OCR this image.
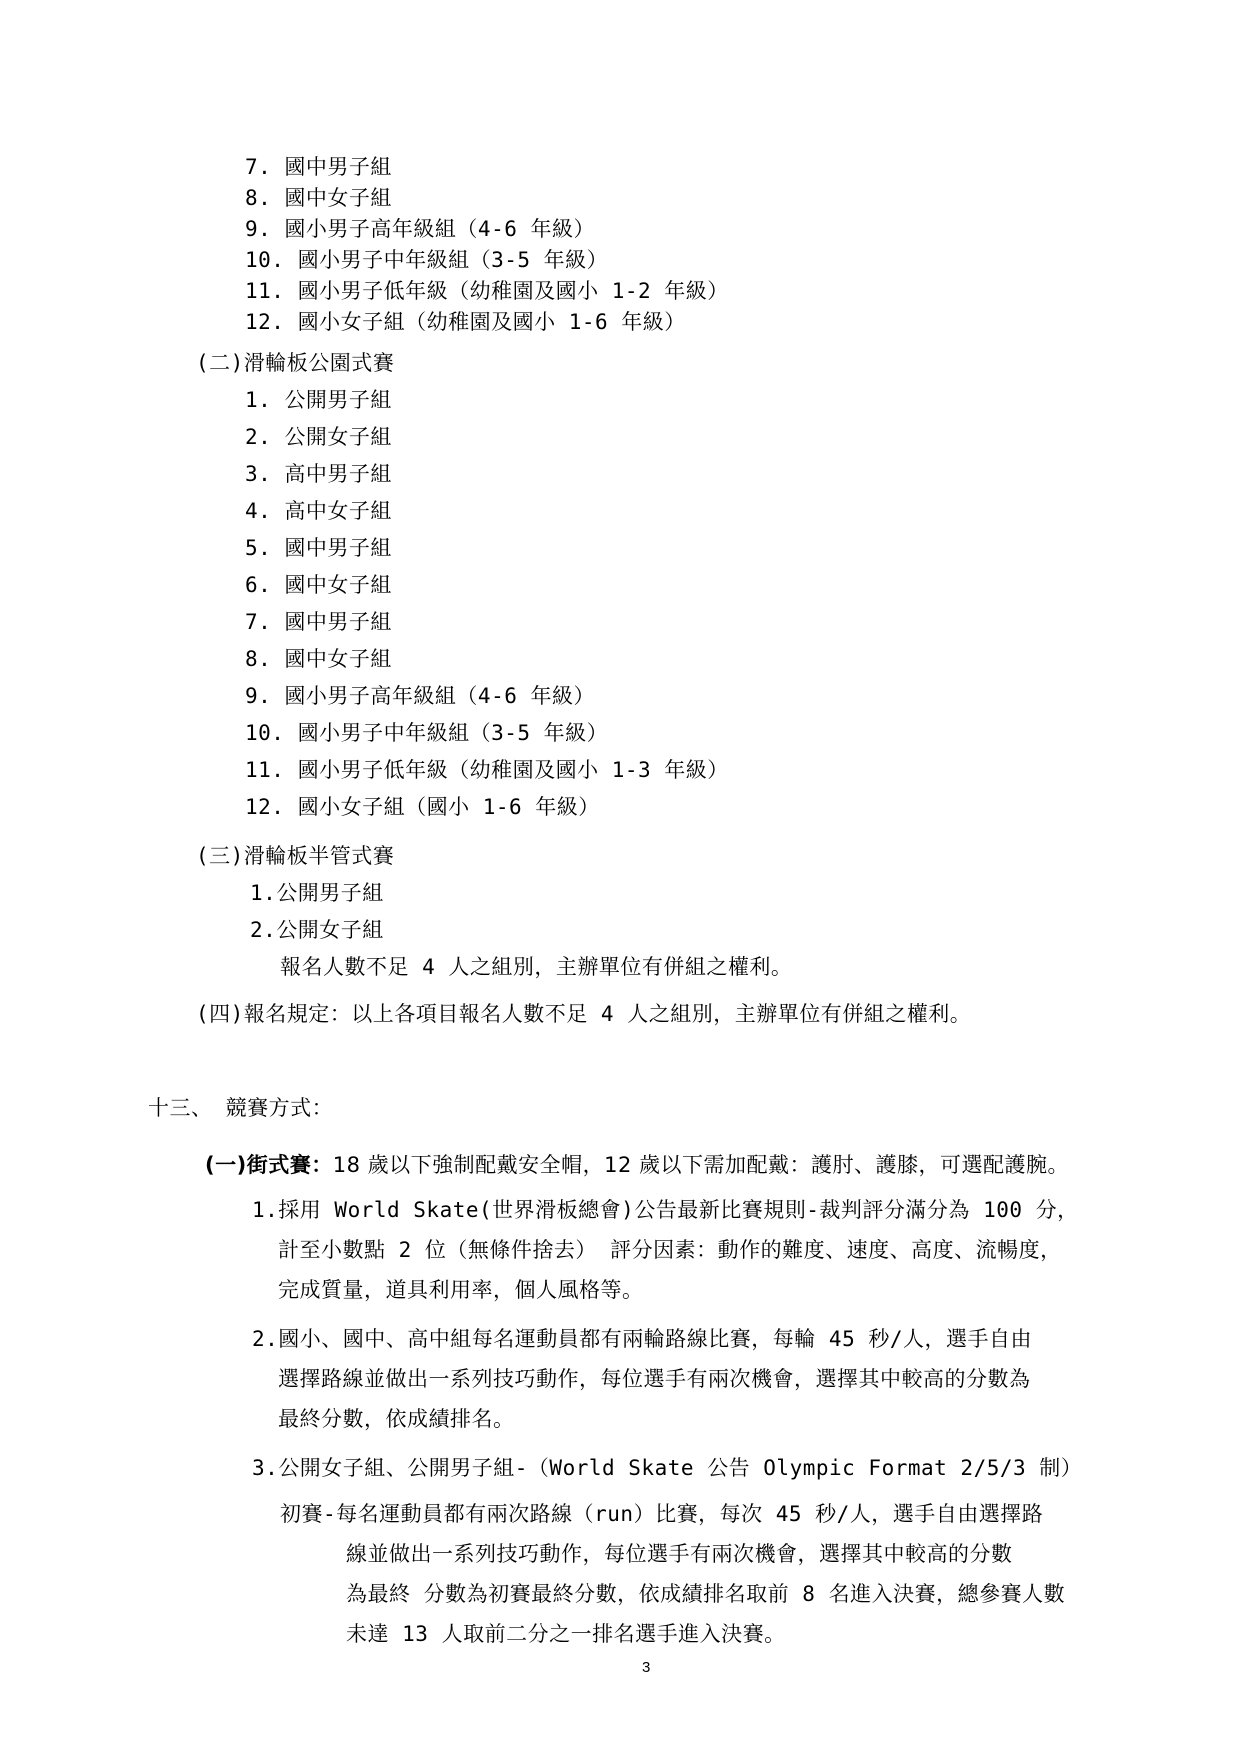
7. 國中男子組
8. 國中女子組
9. 國小男子高年級組（4-6 年級）
10. 國小男子中年級組（3-5 年級）
11. 國小男子低年級（幼稚園及國小 1-2 年級）
12. 國小女子組（幼稚園及國小 1-6 年級）
(二)滑輪板公園式賽
1. 公開男子組
2. 公開女子組
3. 高中男子組
4. 高中女子組
5. 國中男子組
6. 國中女子組
7. 國中男子組
8. 國中女子組
9. 國小男子高年級組（4-6 年級）
10. 國小男子中年級組（3-5 年級）
11. 國小男子低年級（幼稚園及國小 1-3 年級）
12. 國小女子組（國小 1-6 年級）
(三)滑輪板半管式賽
1.公開男子組
2.公開女子組
報名人數不足 4 人之組別，主辦單位有併組之權利。
(四)報名規定：以上各項目報名人數不足 4 人之組別，主辦單位有併組之權利。
十三、 競賽方式：
(一)街式賽：18 歲以下強制配戴安全帽，12 歲以下需加配戴：護肘、護膝，可選配護腕。
1.採用 World Skate(世界滑板總會)公告最新比賽規則-裁判評分滿分為 100 分，
計至小數點 2 位（無條件捨去） 評分因素：動作的難度、速度、高度、流暢度，
完成質量，道具利用率，個人風格等。
2.國小、國中、高中組每名運動員都有兩輪路線比賽，每輪 45 秒/人，選手自由
選擇路線並做出一系列技巧動作，每位選手有兩次機會，選擇其中較高的分數為
最終分數，依成績排名。
3.公開女子組、公開男子組-（World Skate 公告 Olympic Format 2/5/3 制）
初賽-每名運動員都有兩次路線（run）比賽，每次 45 秒/人，選手自由選擇路
線並做出一系列技巧動作，每位選手有兩次機會，選擇其中較高的分數
為最終 分數為初賽最終分數，依成績排名取前 8 名進入決賽，總參賽人數
未達 13 人取前二分之一排名選手進入決賽。
3
